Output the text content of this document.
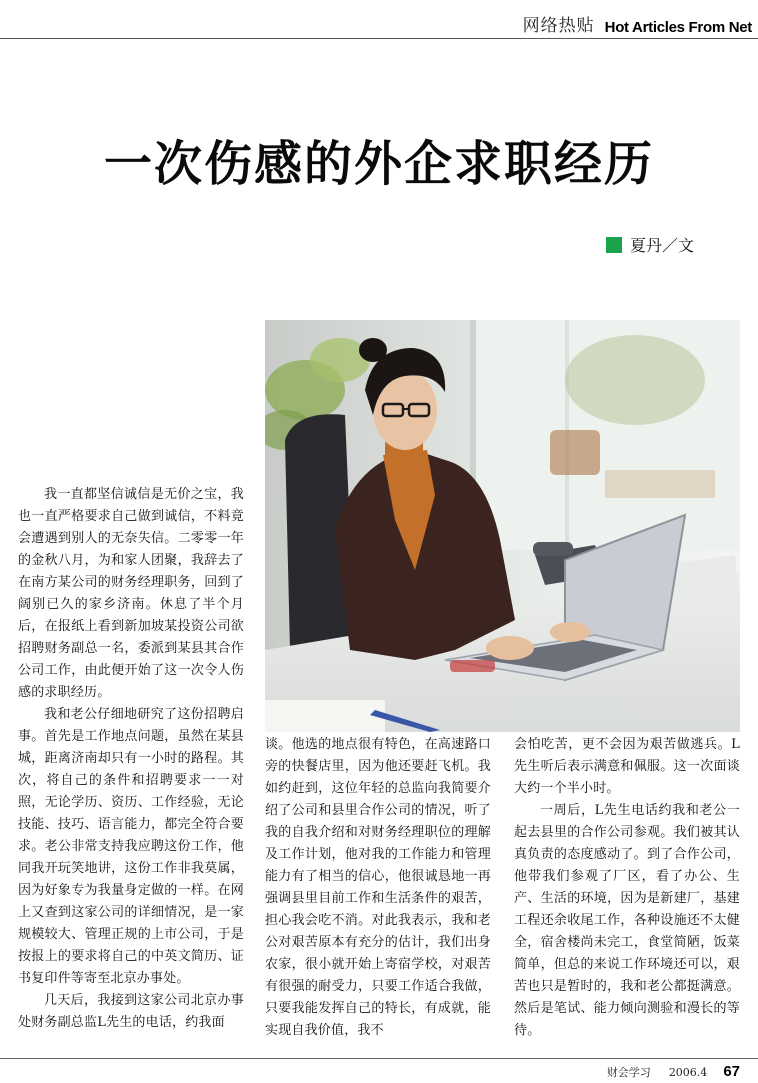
网络热贴 Hot Articles From Net
一次伤感的外企求职经历
夏丹／文

我一直都坚信诚信是无价之宝，我也一直严格要求自己做到诚信，不料竟会遭遇到别人的无奈失信。二零零一年的金秋八月，为和家人团聚，我辞去了在南方某公司的财务经理职务，回到了阔别已久的家乡济南。休息了半个月后，在报纸上看到新加坡某投资公司欲招聘财务副总一名，委派到某县其合作公司工作，由此便开始了这一次令人伤感的求职经历。

我和老公仔细地研究了这份招聘启事。首先是工作地点问题，虽然在某县城，距离济南却只有一小时的路程。其次，将自己的条件和招聘要求一一对照，无论学历、资历、工作经验，无论技能、技巧、语言能力，都完全符合要求。老公非常支持我应聘这份工作，他同我开玩笑地讲，这份工作非我莫属，因为好象专为我量身定做的一样。在网上又查到这家公司的详细情况，是一家规模较大、管理正规的上市公司，于是按报上的要求将自己的中英文简历、证书复印件等寄至北京办事处。

几天后，我接到这家公司北京办事处财务副总监L先生的电话，约我面

谈。他选的地点很有特色，在高速路口旁的快餐店里，因为他还要赶飞机。我如约赶到，这位年轻的总监向我简要介绍了公司和县里合作公司的情况，听了我的自我介绍和对财务经理职位的理解及工作计划，他对我的工作能力和管理能力有了相当的信心，他很诚恳地一再强调县里目前工作和生活条件的艰苦，担心我会吃不消。对此我表示，我和老公对艰苦原本有充分的估计，我们出身农家，很小就开始上寄宿学校，对艰苦有很强的耐受力，只要工作适合我做，只要我能发挥自己的特长，有成就，能实现自我价值，我不

会怕吃苦，更不会因为艰苦做逃兵。L先生听后表示满意和佩服。这一次面谈大约一个半小时。

一周后，L先生电话约我和老公一起去县里的合作公司参观。我们被其认真负责的态度感动了。到了合作公司，他带我们参观了厂区，看了办公、生产、生活的环境，因为是新建厂，基建工程还余收尾工作，各种设施还不太健全，宿舍楼尚未完工，食堂简陋，饭菜简单，但总的来说工作环境还可以，艰苦也只是暂时的，我和老公都挺满意。然后是笔试、能力倾向测验和漫长的等待。

财会学习 2006.4 67
